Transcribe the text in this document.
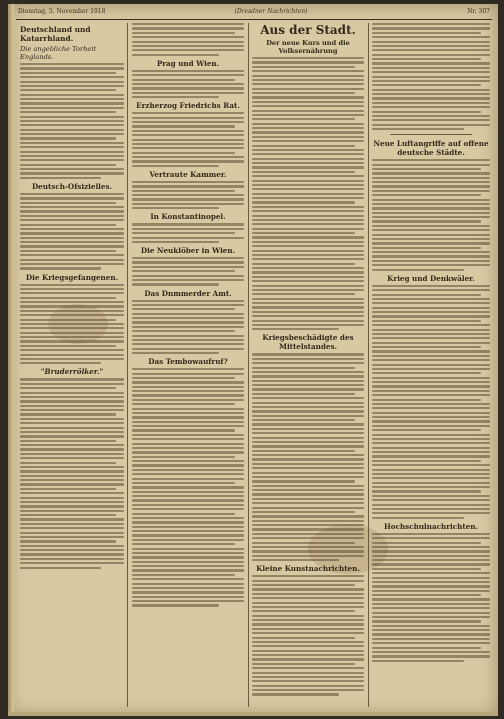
Dienstag, 5. November 1918	(Dresdner Nachrichten)	Nr. 307
Deutschland und Katarrhland.
Die angebliche Torheit Englands.
Deutsch-Ofsizielles.
Die Kriegsgefangenen.
"Bruderrölker."
Prag und Wien.
Erzherzog Friedrichs Rat.
Vertraute Kammer.
In Konstantinopel.
Die Neuklöber in Wien.
Das Dnmmerder Amt.
Das Tembowaufruf?
Aus der Stadt.
Der neue Kurs und die Volksernährung
Kriegsbeschädigte des Mittelstandes.
Kleine Kunstnachrichten.
Neue Luftangriffe auf offene deutsche Städte.
Krieg und Denkwäler.
Hochschulnachrichten.
